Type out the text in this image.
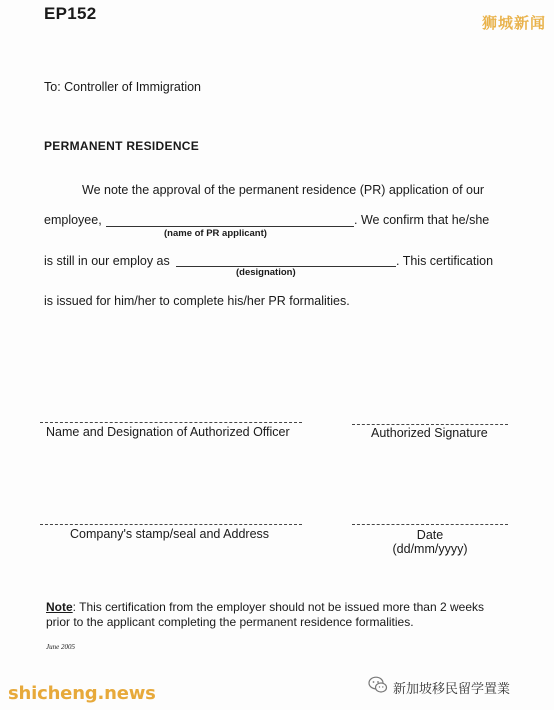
EP152
狮城新闻
To: Controller of Immigration
PERMANENT RESIDENCE
We note the approval of the permanent residence (PR) application of our
employee,	. We confirm that he/she
(name of PR applicant)
is still in our employ as	. This certification
(designation)
is issued for him/her to complete his/her PR formalities.
Name and Designation of Authorized Officer	Authorized Signature
Company's stamp/seal and Address	Date
(dd/mm/yyyy)
Note: This certification from the employer should not be issued more than 2 weeks prior to the applicant completing the permanent residence formalities.
June 2005
shicheng.news	新加坡移民留学置業
